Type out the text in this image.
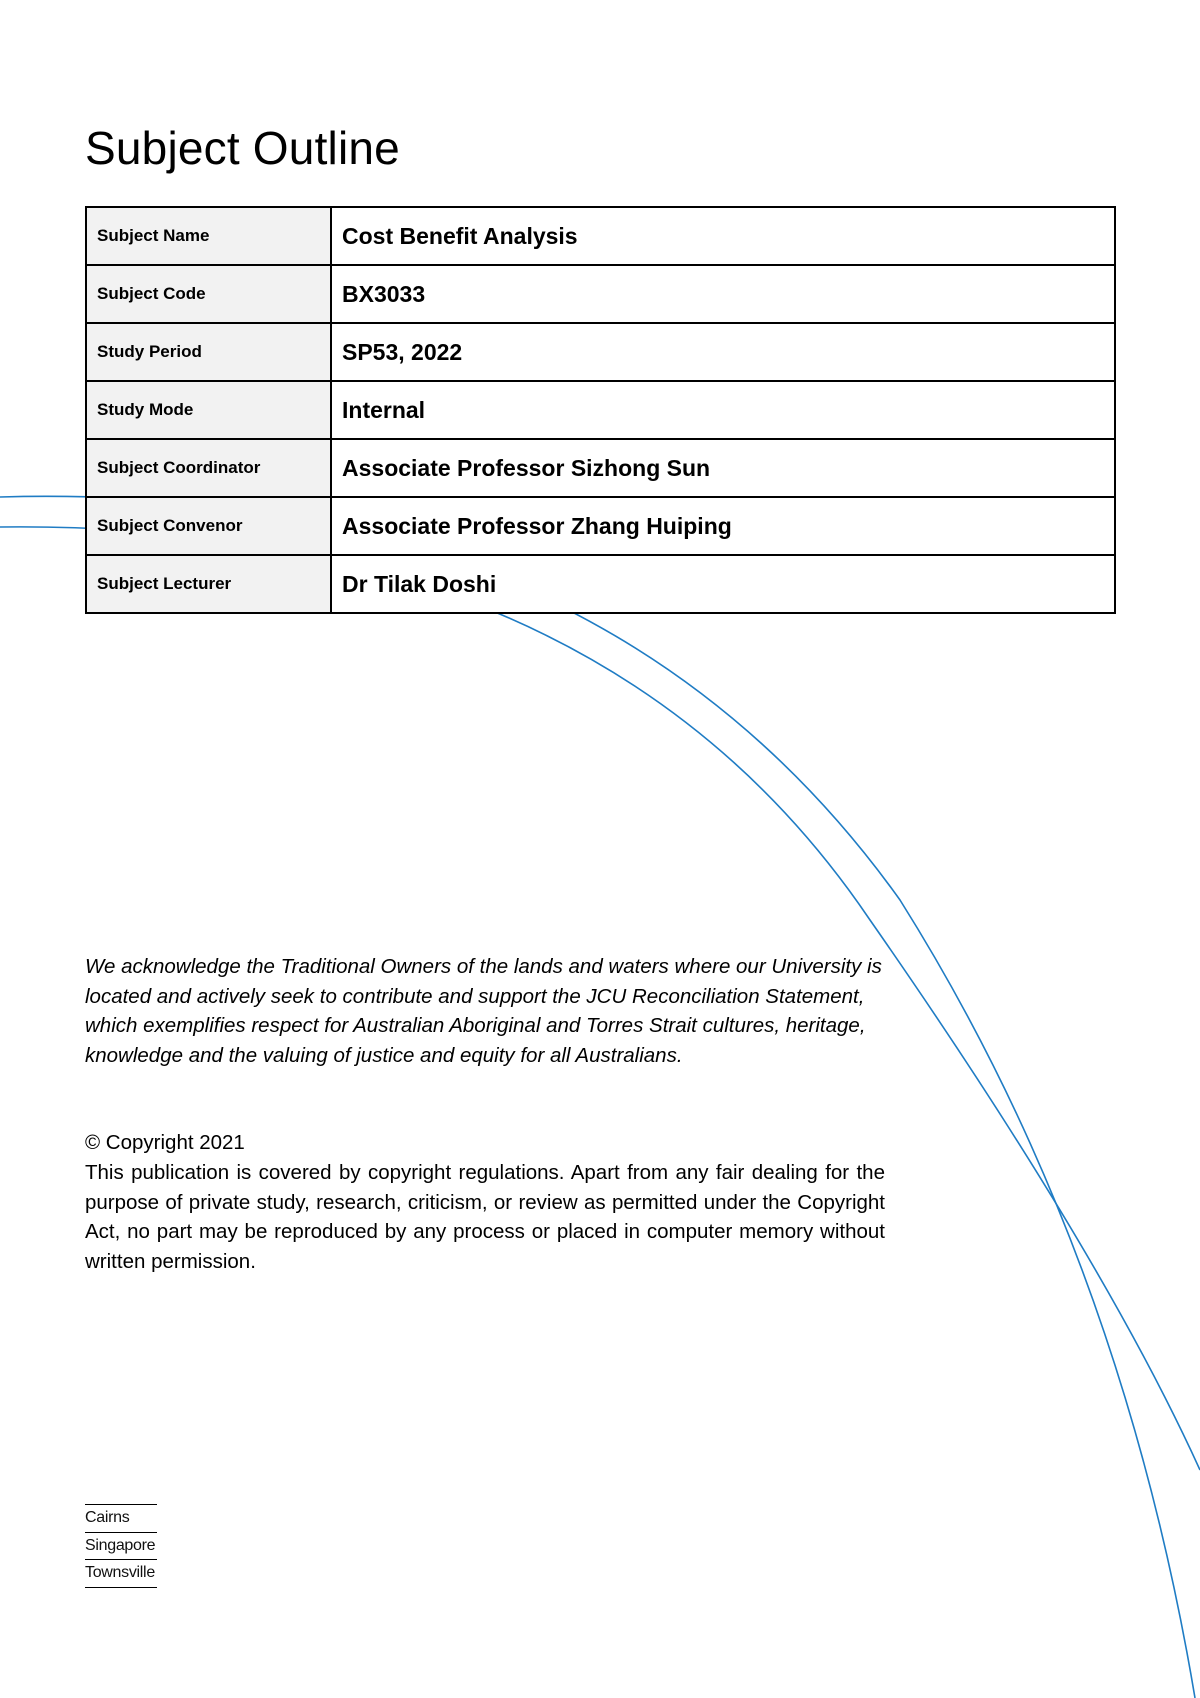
Subject Outline
Subject Name	Cost Benefit Analysis
Subject Code	BX3033
Study Period	SP53, 2022
Study Mode	Internal
Subject Coordinator	Associate Professor Sizhong Sun
Subject Convenor	Associate Professor Zhang Huiping
Subject Lecturer	Dr Tilak Doshi

We acknowledge the Traditional Owners of the lands and waters where our University is located and actively seek to contribute and support the JCU Reconciliation Statement, which exemplifies respect for Australian Aboriginal and Torres Strait cultures, heritage, knowledge and the valuing of justice and equity for all Australians.

© Copyright 2021

This publication is covered by copyright regulations. Apart from any fair dealing for the purpose of private study, research, criticism, or review as permitted under the Copyright Act, no part may be reproduced by any process or placed in computer memory without written permission.

Cairns
Singapore
Townsville
